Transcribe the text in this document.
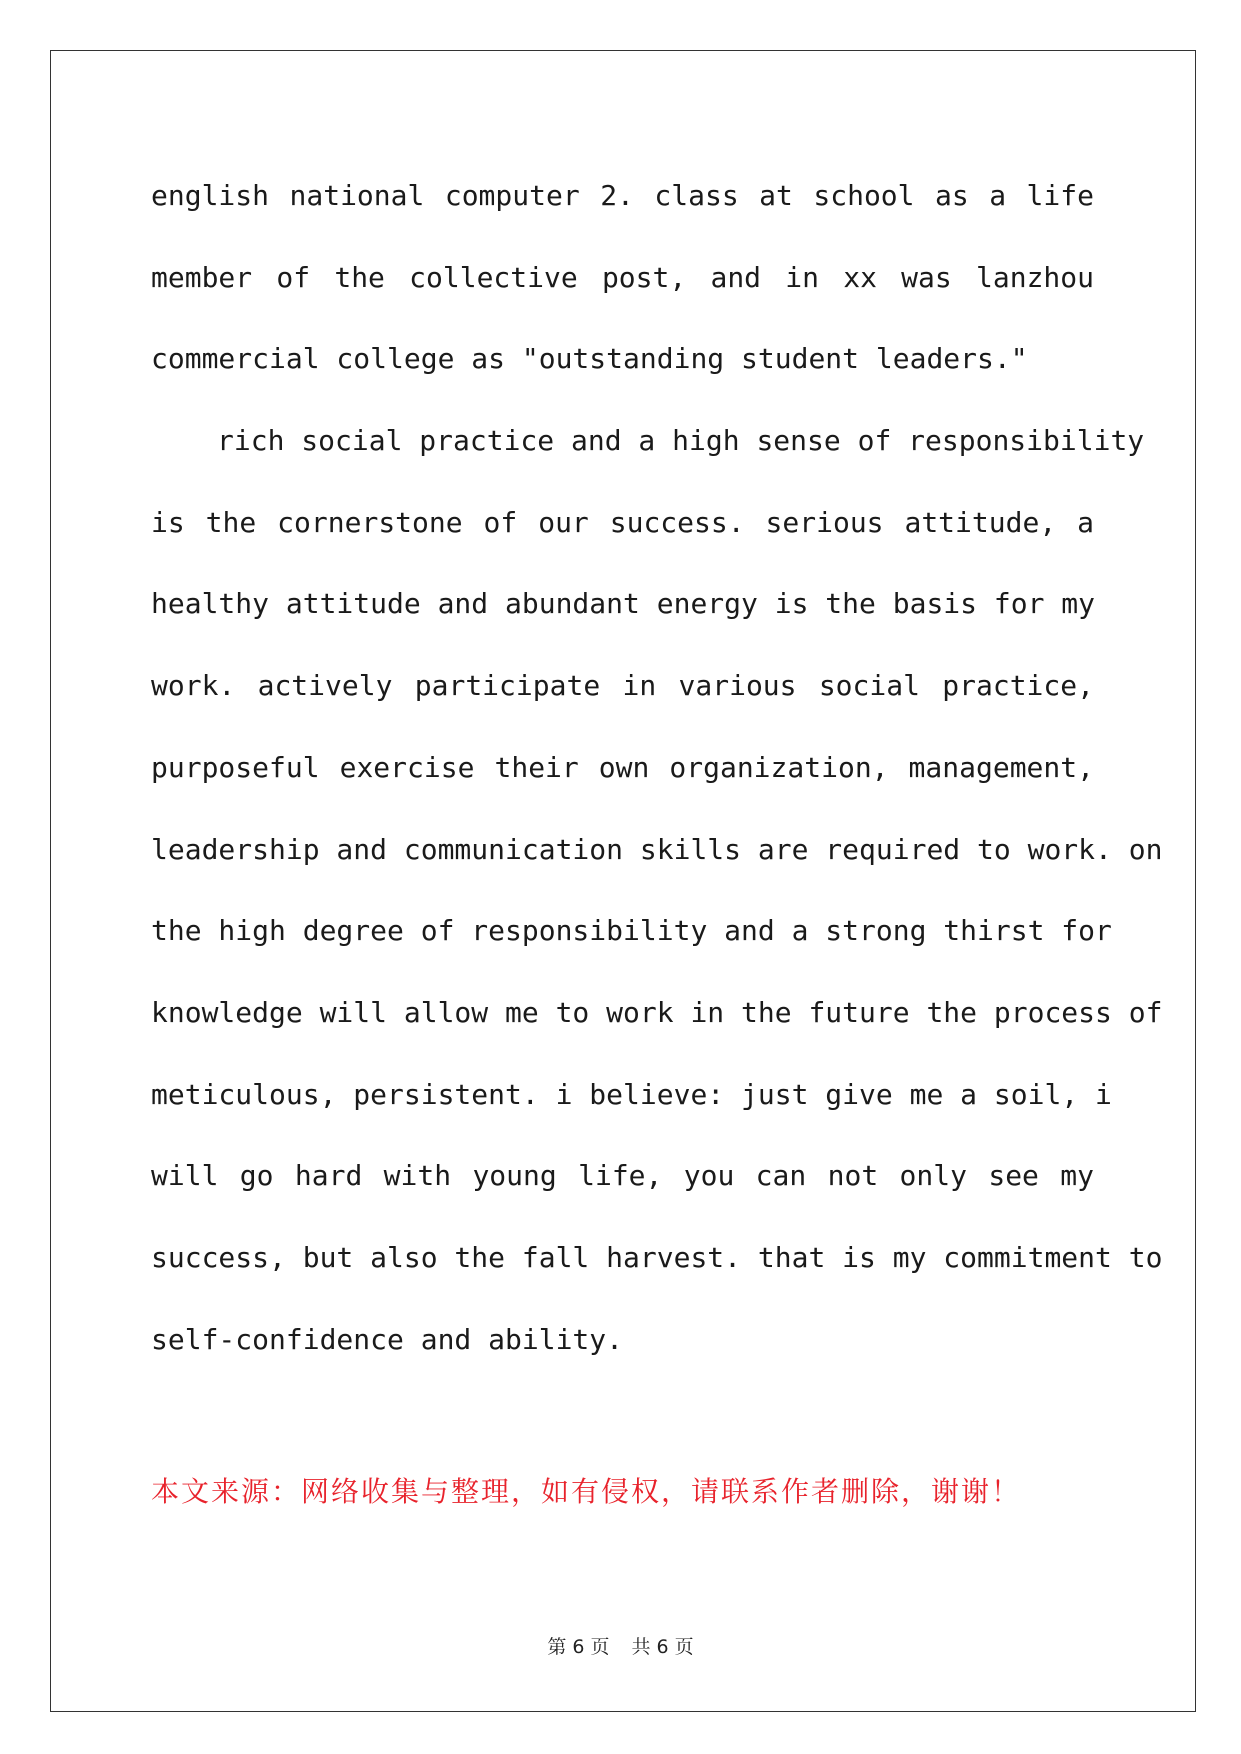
english national computer 2. class at school as a life
member of the collective post, and in xx was lanzhou
commercial college as "outstanding student leaders."
rich social practice and a high sense of responsibility
is the cornerstone of our success. serious attitude, a
healthy attitude and abundant energy is the basis for my
work. actively participate in various social practice,
purposeful exercise their own organization, management,
leadership and communication skills are required to work. on
the high degree of responsibility and a strong thirst for
knowledge will allow me to work in the future the process of
meticulous, persistent. i believe: just give me a soil, i
will go hard with young life, you can not only see my
success, but also the fall harvest. that is my commitment to
self-confidence and ability.
本文来源：网络收集与整理，如有侵权，请联系作者删除，谢谢！
第 6 页 共 6 页
